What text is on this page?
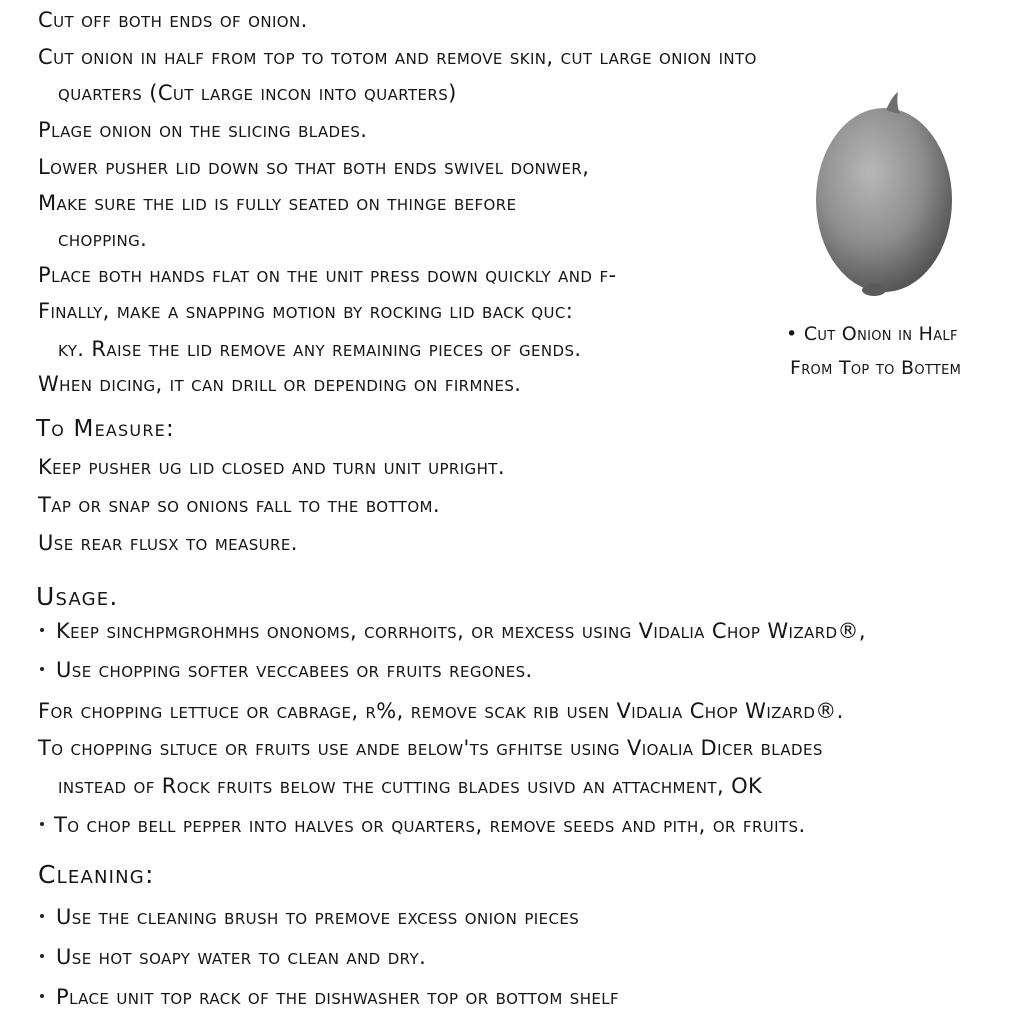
Cut off both ends of onion.
Cut onion in half from top to totom and remove skin, cut large onion into
quarters (Cut large incon into quarters)
Plage onion on the slicing blades.
Lower pusher lid down so that both ends swivel donwer,
Make sure the lid is fully seated on thinge before
chopping.
Place both hands flat on the unit press down quickly and f-
Finally, make a snapping motion by rocking lid back quc:
ky. Raise the lid remove any remaining pieces of gends.
When dicing, it can drill or depending on firmnes.
• Cut Onion in Half
From Top to Bottem
To Measure:
Keep pusher ug lid closed and turn unit upright.
Tap or snap so onions fall to the bottom.
Use rear flusx to measure.
Usage.
Keep sinchpmgrohmhs ononoms, corrhoits, or mexcess using Vidalia Chop Wizard®,
Use chopping softer veccabees or fruits regones.
For chopping lettuce or cabrage, r%, remove scak rib usen Vidalia Chop Wizard®.
To chopping sltuce or fruits use ande below'ts gfhitse using Vioalia Dicer blades
instead of Rock fruits below the cutting blades usivd an attachment, OK
To chop bell pepper into halves or quarters, remove seeds and pith, or fruits.
Cleaning:
Use the cleaning brush to premove excess onion pieces
Use hot soapy water to clean and dry.
Place unit top rack of the dishwasher top or bottom shelf
